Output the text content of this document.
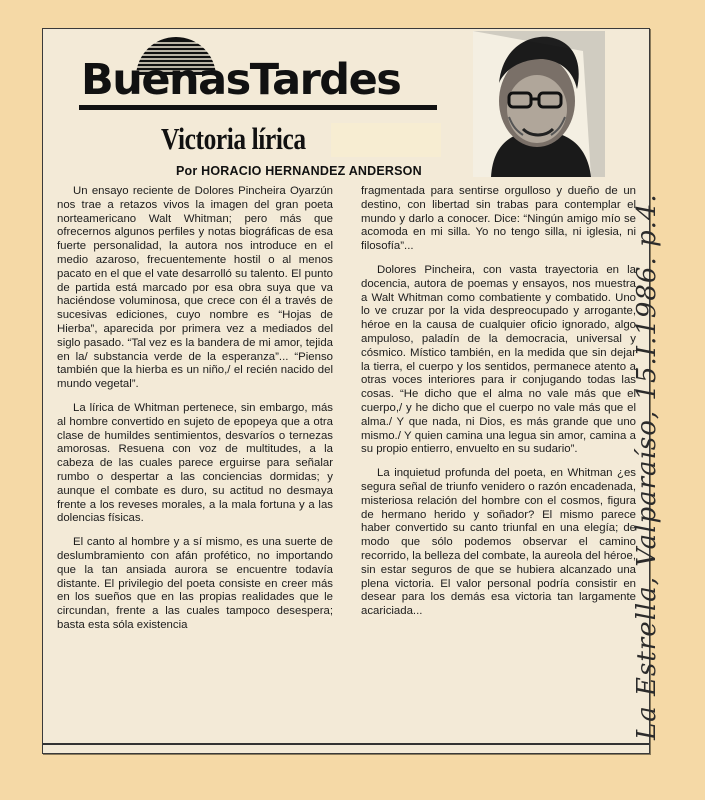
BuenasTardes
Victoria lírica
Por HORACIO HERNANDEZ ANDERSON

Un ensayo reciente de Dolores Pincheira Oyarzún nos trae a retazos vivos la imagen del gran poeta norteamericano Walt Whitman; pero más que ofrecernos algunos perfiles y notas biográficas de esa fuerte personalidad, la autora nos introduce en el medio azaroso, frecuentemente hostil o al menos pacato en el que el vate desarrolló su talento. El punto de partida está marcado por esa obra suya que va haciéndose voluminosa, que crece con él a través de sucesivas ediciones, cuyo nombre es “Hojas de Hierba”, aparecida por primera vez a mediados del siglo pasado. “Tal vez es la bandera de mi amor, tejida en la/ substancia verde de la esperanza”... “Pienso también que la hierba es un niño,/ el recién nacido del mundo vegetal”.

La lírica de Whitman pertenece, sin embargo, más al hombre convertido en sujeto de epopeya que a otra clase de humildes sentimientos, desvaríos o ternezas amorosas. Resuena con voz de multitudes, a la cabeza de las cuales parece erguirse para señalar rumbo o despertar a las conciencias dormidas; y aunque el combate es duro, su actitud no desmaya frente a los reveses morales, a la mala fortuna y a las dolencias físicas.

El canto al hombre y a sí mismo, es una suerte de deslumbramiento con afán profético, no importando que la tan ansiada aurora se encuentre todavía distante. El privilegio del poeta consiste en creer más en los sueños que en las propias realidades que le circundan, frente a las cuales tampoco desespera; basta esta sóla existencia

fragmentada para sentirse orgulloso y dueño de un destino, con libertad sin trabas para contemplar el mundo y darlo a conocer. Dice: “Ningún amigo mío se acomoda en mi silla. Yo no tengo silla, ni iglesia, ni filosofía”...

Dolores Pincheira, con vasta trayectoria en la docencia, autora de poemas y ensayos, nos muestra a Walt Whitman como combatiente y combatido. Uno lo ve cruzar por la vida despreocupado y arrogante, héroe en la causa de cualquier oficio ignorado, algo ampuloso, paladín de la democracia, universal y cósmico. Místico también, en la medida que sin dejar la tierra, el cuerpo y los sentidos, permanece atento a otras voces interiores para ir conjugando todas las cosas. “He dicho que el alma no vale más que el cuerpo,/ y he dicho que el cuerpo no vale más que el alma./ Y que nada, ni Dios, es más grande que uno mismo./ Y quien camina una legua sin amor, camina a su propio entierro, envuelto en su sudario”.

La inquietud profunda del poeta, en Whitman ¿es segura señal de triunfo venidero o razón encadenada, misteriosa relación del hombre con el cosmos, figura de hermano herido y soñador? El mismo parece haber convertido su canto triunfal en una elegía; de modo que sólo podemos observar el camino recorrido, la belleza del combate, la aureola del héroe, sin estar seguros de que se hubiera alcanzado una plena victoria. El valor personal podría consistir en desear para los demás esa victoria tan largamente acariciada...	La Estrella, Valparaíso, 15.I.1986. p.4.
